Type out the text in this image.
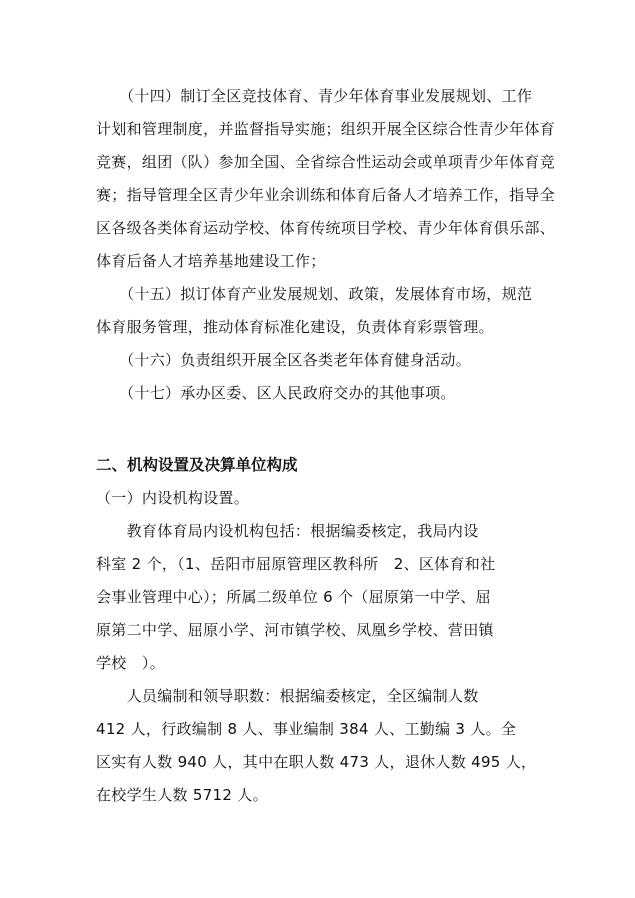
　　（十四）制订全区竞技体育、青少年体育事业发展规划、工作
计划和管理制度，并监督指导实施；组织开展全区综合性青少年体育
竞赛，组团（队）参加全国、全省综合性运动会或单项青少年体育竞
赛；指导管理全区青少年业余训练和体育后备人才培养工作，指导全
区各级各类体育运动学校、体育传统项目学校、青少年体育俱乐部、
体育后备人才培养基地建设工作；
　　（十五）拟订体育产业发展规划、政策，发展体育市场，规范
体育服务管理，推动体育标准化建设，负责体育彩票管理。
　　（十六）负责组织开展全区各类老年体育健身活动。
　　（十七）承办区委、区人民政府交办的其他事项。
二、机构设置及决算单位构成
（一）内设机构设置。
　　教育体育局内设机构包括：根据编委核定，我局内设
科室 2 个，（1、岳阳市屈原管理区教科所　2、区体育和社
会事业管理中心）；所属二级单位 6 个（屈原第一中学、屈
原第二中学、屈原小学、河市镇学校、凤凰乡学校、营田镇
学校　）。
　　人员编制和领导职数：根据编委核定，全区编制人数
412 人，行政编制 8 人、事业编制 384 人、工勤编 3 人。全
区实有人数 940 人，其中在职人数 473 人，退休人数 495 人，
在校学生人数 5712 人。
